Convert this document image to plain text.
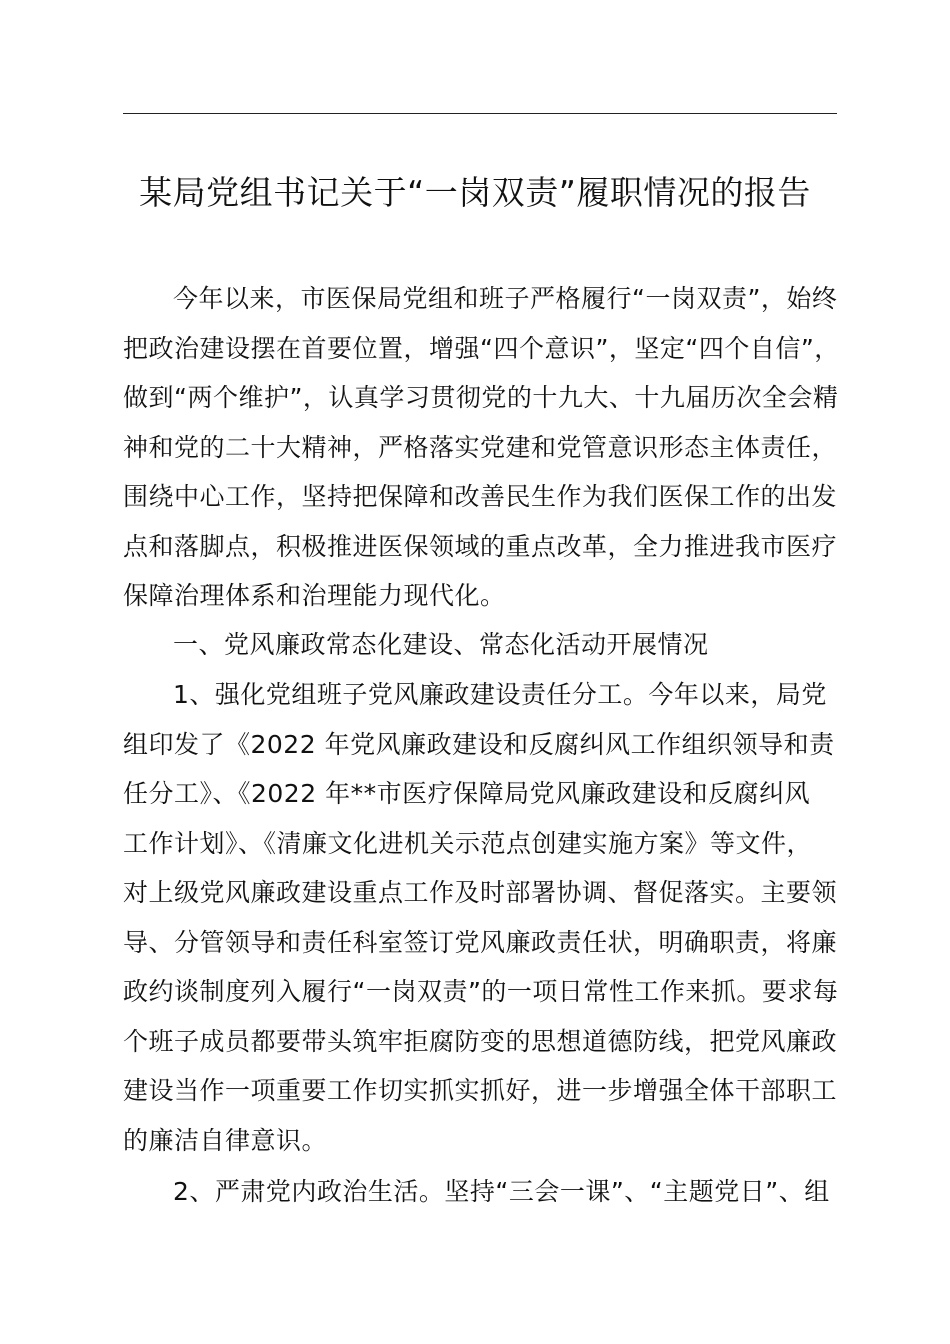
某局党组书记关于“一岗双责”履职情况的报告
今年以来，市医保局党组和班子严格履行“一岗双责”，始终
把政治建设摆在首要位置，增强“四个意识”，坚定“四个自信”，
做到“两个维护”，认真学习贯彻党的十九大、十九届历次全会精
神和党的二十大精神，严格落实党建和党管意识形态主体责任，
围绕中心工作，坚持把保障和改善民生作为我们医保工作的出发
点和落脚点，积极推进医保领域的重点改革，全力推进我市医疗
保障治理体系和治理能力现代化。
一、党风廉政常态化建设、常态化活动开展情况
1、强化党组班子党风廉政建设责任分工。今年以来，局党
组印发了《2022 年党风廉政建设和反腐纠风工作组织领导和责
任分工》、《2022 年**市医疗保障局党风廉政建设和反腐纠风
工作计划》、《清廉文化进机关示范点创建实施方案》等文件，
对上级党风廉政建设重点工作及时部署协调、督促落实。主要领
导、分管领导和责任科室签订党风廉政责任状，明确职责，将廉
政约谈制度列入履行“一岗双责”的一项日常性工作来抓。要求每
个班子成员都要带头筑牢拒腐防变的思想道德防线，把党风廉政
建设当作一项重要工作切实抓实抓好，进一步增强全体干部职工
的廉洁自律意识。
2、严肃党内政治生活。坚持“三会一课”、“主题党日”、组
